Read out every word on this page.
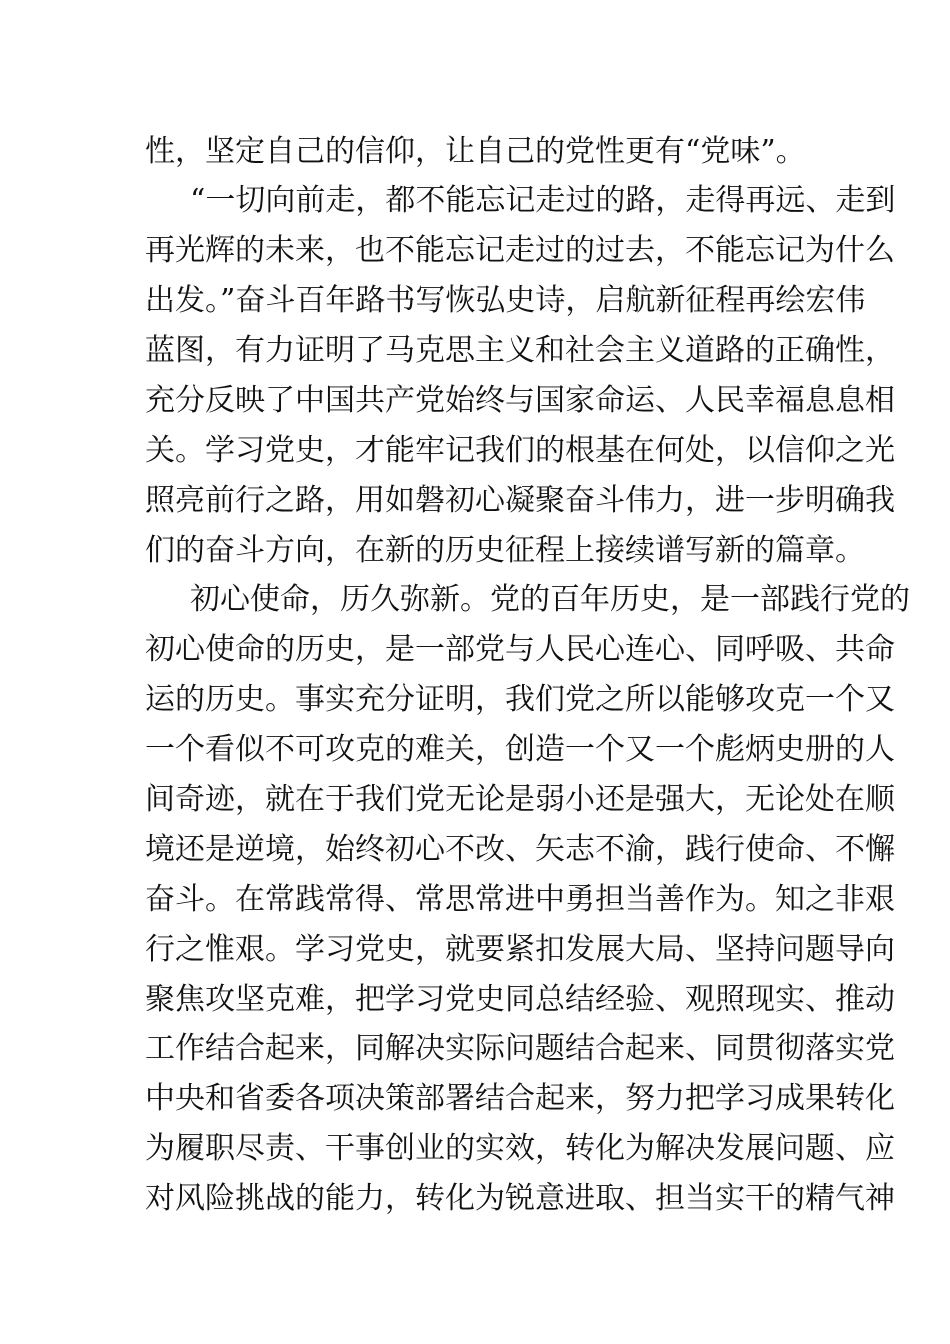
性，坚定自己的信仰，让自己的党性更有“党味”。
“一切向前走，都不能忘记走过的路，走得再远、走到
再光辉的未来，也不能忘记走过的过去，不能忘记为什么
出发。”奋斗百年路书写恢弘史诗，启航新征程再绘宏伟
蓝图，有力证明了马克思主义和社会主义道路的正确性，
充分反映了中国共产党始终与国家命运、人民幸福息息相
关。学习党史，才能牢记我们的根基在何处，以信仰之光
照亮前行之路，用如磐初心凝聚奋斗伟力，进一步明确我
们的奋斗方向，在新的历史征程上接续谱写新的篇章。
初心使命，历久弥新。党的百年历史，是一部践行党的
初心使命的历史，是一部党与人民心连心、同呼吸、共命
运的历史。事实充分证明，我们党之所以能够攻克一个又
一个看似不可攻克的难关，创造一个又一个彪炳史册的人
间奇迹，就在于我们党无论是弱小还是强大，无论处在顺
境还是逆境，始终初心不改、矢志不渝，践行使命、不懈
奋斗。在常践常得、常思常进中勇担当善作为。知之非艰
行之惟艰。学习党史，就要紧扣发展大局、坚持问题导向
聚焦攻坚克难，把学习党史同总结经验、观照现实、推动
工作结合起来，同解决实际问题结合起来、同贯彻落实党
中央和省委各项决策部署结合起来，努力把学习成果转化
为履职尽责、干事创业的实效，转化为解决发展问题、应
对风险挑战的能力，转化为锐意进取、担当实干的精气神
